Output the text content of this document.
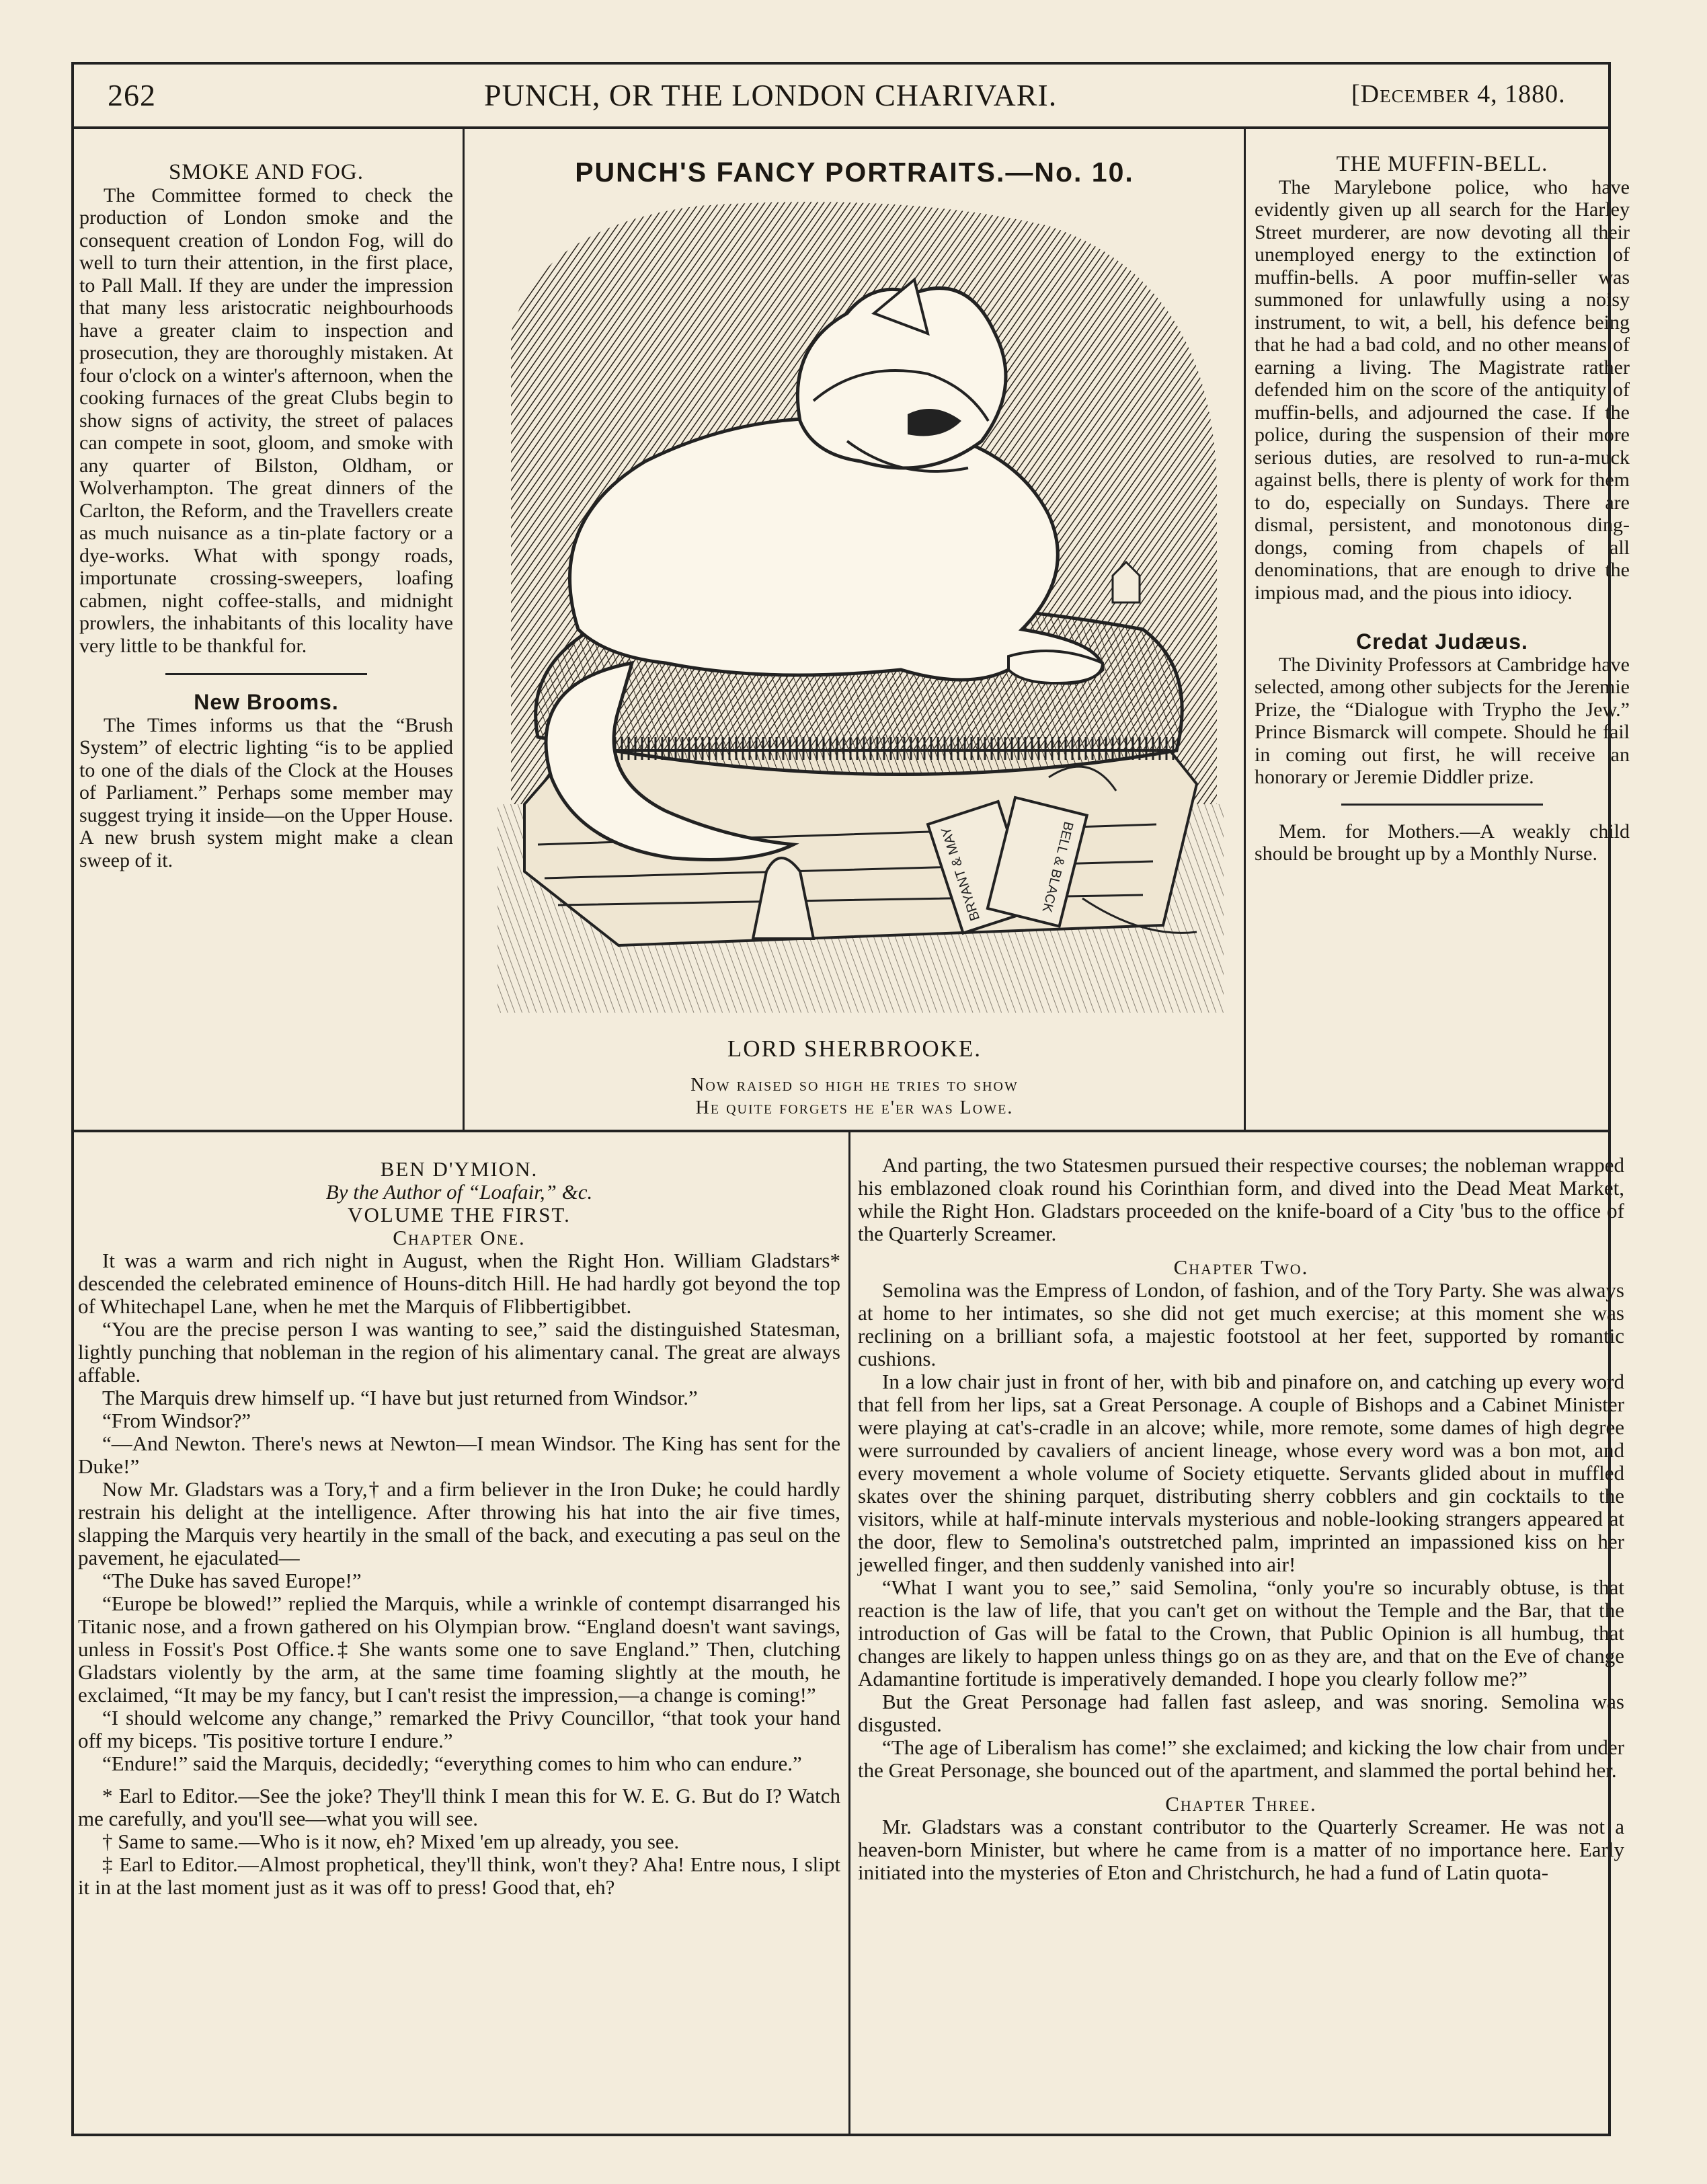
262	PUNCH, OR THE LONDON CHARIVARI.	[December 4, 1880.

SMOKE AND FOG.

The Committee formed to check the production of London smoke and the consequent creation of London Fog, will do well to turn their attention, in the first place, to Pall Mall. If they are under the impression that many less aristocratic neighbourhoods have a greater claim to inspection and prosecution, they are thoroughly mistaken. At four o'clock on a winter's afternoon, when the cooking furnaces of the great Clubs begin to show signs of activity, the street of palaces can compete in soot, gloom, and smoke with any quarter of Bilston, Oldham, or Wolverhampton. The great dinners of the Carlton, the Reform, and the Travellers create as much nuisance as a tin-plate factory or a dye-works. What with spongy roads, importunate crossing-sweepers, loafing cabmen, night coffee-stalls, and midnight prowlers, the inhabitants of this locality have very little to be thankful for.

New Brooms.

The Times informs us that the “Brush System” of electric lighting “is to be applied to one of the dials of the Clock at the Houses of Parliament.” Perhaps some member may suggest trying it inside—on the Upper House. A new brush system might make a clean sweep of it.

PUNCH'S FANCY PORTRAITS.—No. 10.
BRYANT & MAY	BELL & BLACK
LORD SHERBROOKE.
Now raised so high he tries to show
He quite forgets he e'er was Lowe.

THE MUFFIN-BELL.

The Marylebone police, who have evidently given up all search for the Harley Street murderer, are now devoting all their unemployed energy to the extinction of muffin-bells. A poor muffin-seller was summoned for unlawfully using a noisy instrument, to wit, a bell, his defence being that he had a bad cold, and no other means of earning a living. The Magistrate rather defended him on the score of the antiquity of muffin-bells, and adjourned the case. If the police, during the suspension of their more serious duties, are resolved to run-a-muck against bells, there is plenty of work for them to do, especially on Sundays. There are dismal, persistent, and monotonous ding-dongs, coming from chapels of all denominations, that are enough to drive the impious mad, and the pious into idiocy.

Credat Judæus.

The Divinity Professors at Cambridge have selected, among other subjects for the Jeremie Prize, the “Dialogue with Trypho the Jew.” Prince Bismarck will compete. Should he fail in coming out first, he will receive an honorary or Jeremie Diddler prize.

Mem. for Mothers.—A weakly child should be brought up by a Monthly Nurse.

BEN D'YMION.

By the Author of “Loafair,” &c.

VOLUME THE FIRST.

Chapter One.

It was a warm and rich night in August, when the Right Hon. William Gladstars* descended the celebrated eminence of Houns-ditch Hill. He had hardly got beyond the top of Whitechapel Lane, when he met the Marquis of Flibbertigibbet.

“You are the precise person I was wanting to see,” said the distinguished Statesman, lightly punching that nobleman in the region of his alimentary canal. The great are always affable.

The Marquis drew himself up. “I have but just returned from Windsor.”

“From Windsor?”

“—And Newton. There's news at Newton—I mean Windsor. The King has sent for the Duke!”

Now Mr. Gladstars was a Tory,† and a firm believer in the Iron Duke; he could hardly restrain his delight at the intelligence. After throwing his hat into the air five times, slapping the Marquis very heartily in the small of the back, and executing a pas seul on the pavement, he ejaculated—

“The Duke has saved Europe!”

“Europe be blowed!” replied the Marquis, while a wrinkle of contempt disarranged his Titanic nose, and a frown gathered on his Olympian brow. “England doesn't want savings, unless in Fossit's Post Office.‡ She wants some one to save England.” Then, clutching Gladstars violently by the arm, at the same time foaming slightly at the mouth, he exclaimed, “It may be my fancy, but I can't resist the impression,—a change is coming!”

“I should welcome any change,” remarked the Privy Councillor, “that took your hand off my biceps. 'Tis positive torture I endure.”

“Endure!” said the Marquis, decidedly; “everything comes to him who can endure.”

* Earl to Editor.—See the joke? They'll think I mean this for W. E. G. But do I? Watch me carefully, and you'll see—what you will see.

† Same to same.—Who is it now, eh? Mixed 'em up already, you see.

‡ Earl to Editor.—Almost prophetical, they'll think, won't they? Aha! Entre nous, I slipt it in at the last moment just as it was off to press! Good that, eh?

And parting, the two Statesmen pursued their respective courses; the nobleman wrapped his emblazoned cloak round his Corinthian form, and dived into the Dead Meat Market, while the Right Hon. Gladstars proceeded on the knife-board of a City 'bus to the office of the Quarterly Screamer.

Chapter Two.

Semolina was the Empress of London, of fashion, and of the Tory Party. She was always at home to her intimates, so she did not get much exercise; at this moment she was reclining on a brilliant sofa, a majestic footstool at her feet, supported by romantic cushions.

In a low chair just in front of her, with bib and pinafore on, and catching up every word that fell from her lips, sat a Great Personage. A couple of Bishops and a Cabinet Minister were playing at cat's-cradle in an alcove; while, more remote, some dames of high degree were surrounded by cavaliers of ancient lineage, whose every word was a bon mot, and every movement a whole volume of Society etiquette. Servants glided about in muffled skates over the shining parquet, distributing sherry cobblers and gin cocktails to the visitors, while at half-minute intervals mysterious and noble-looking strangers appeared at the door, flew to Semolina's outstretched palm, imprinted an impassioned kiss on her jewelled finger, and then suddenly vanished into air!

“What I want you to see,” said Semolina, “only you're so incurably obtuse, is that reaction is the law of life, that you can't get on without the Temple and the Bar, that the introduction of Gas will be fatal to the Crown, that Public Opinion is all humbug, that changes are likely to happen unless things go on as they are, and that on the Eve of change Adamantine fortitude is imperatively demanded. I hope you clearly follow me?”

But the Great Personage had fallen fast asleep, and was snoring. Semolina was disgusted.

“The age of Liberalism has come!” she exclaimed; and kicking the low chair from under the Great Personage, she bounced out of the apartment, and slammed the portal behind her.

Chapter Three.

Mr. Gladstars was a constant contributor to the Quarterly Screamer. He was not a heaven-born Minister, but where he came from is a matter of no importance here. Early initiated into the mysteries of Eton and Christchurch, he had a fund of Latin quota-
